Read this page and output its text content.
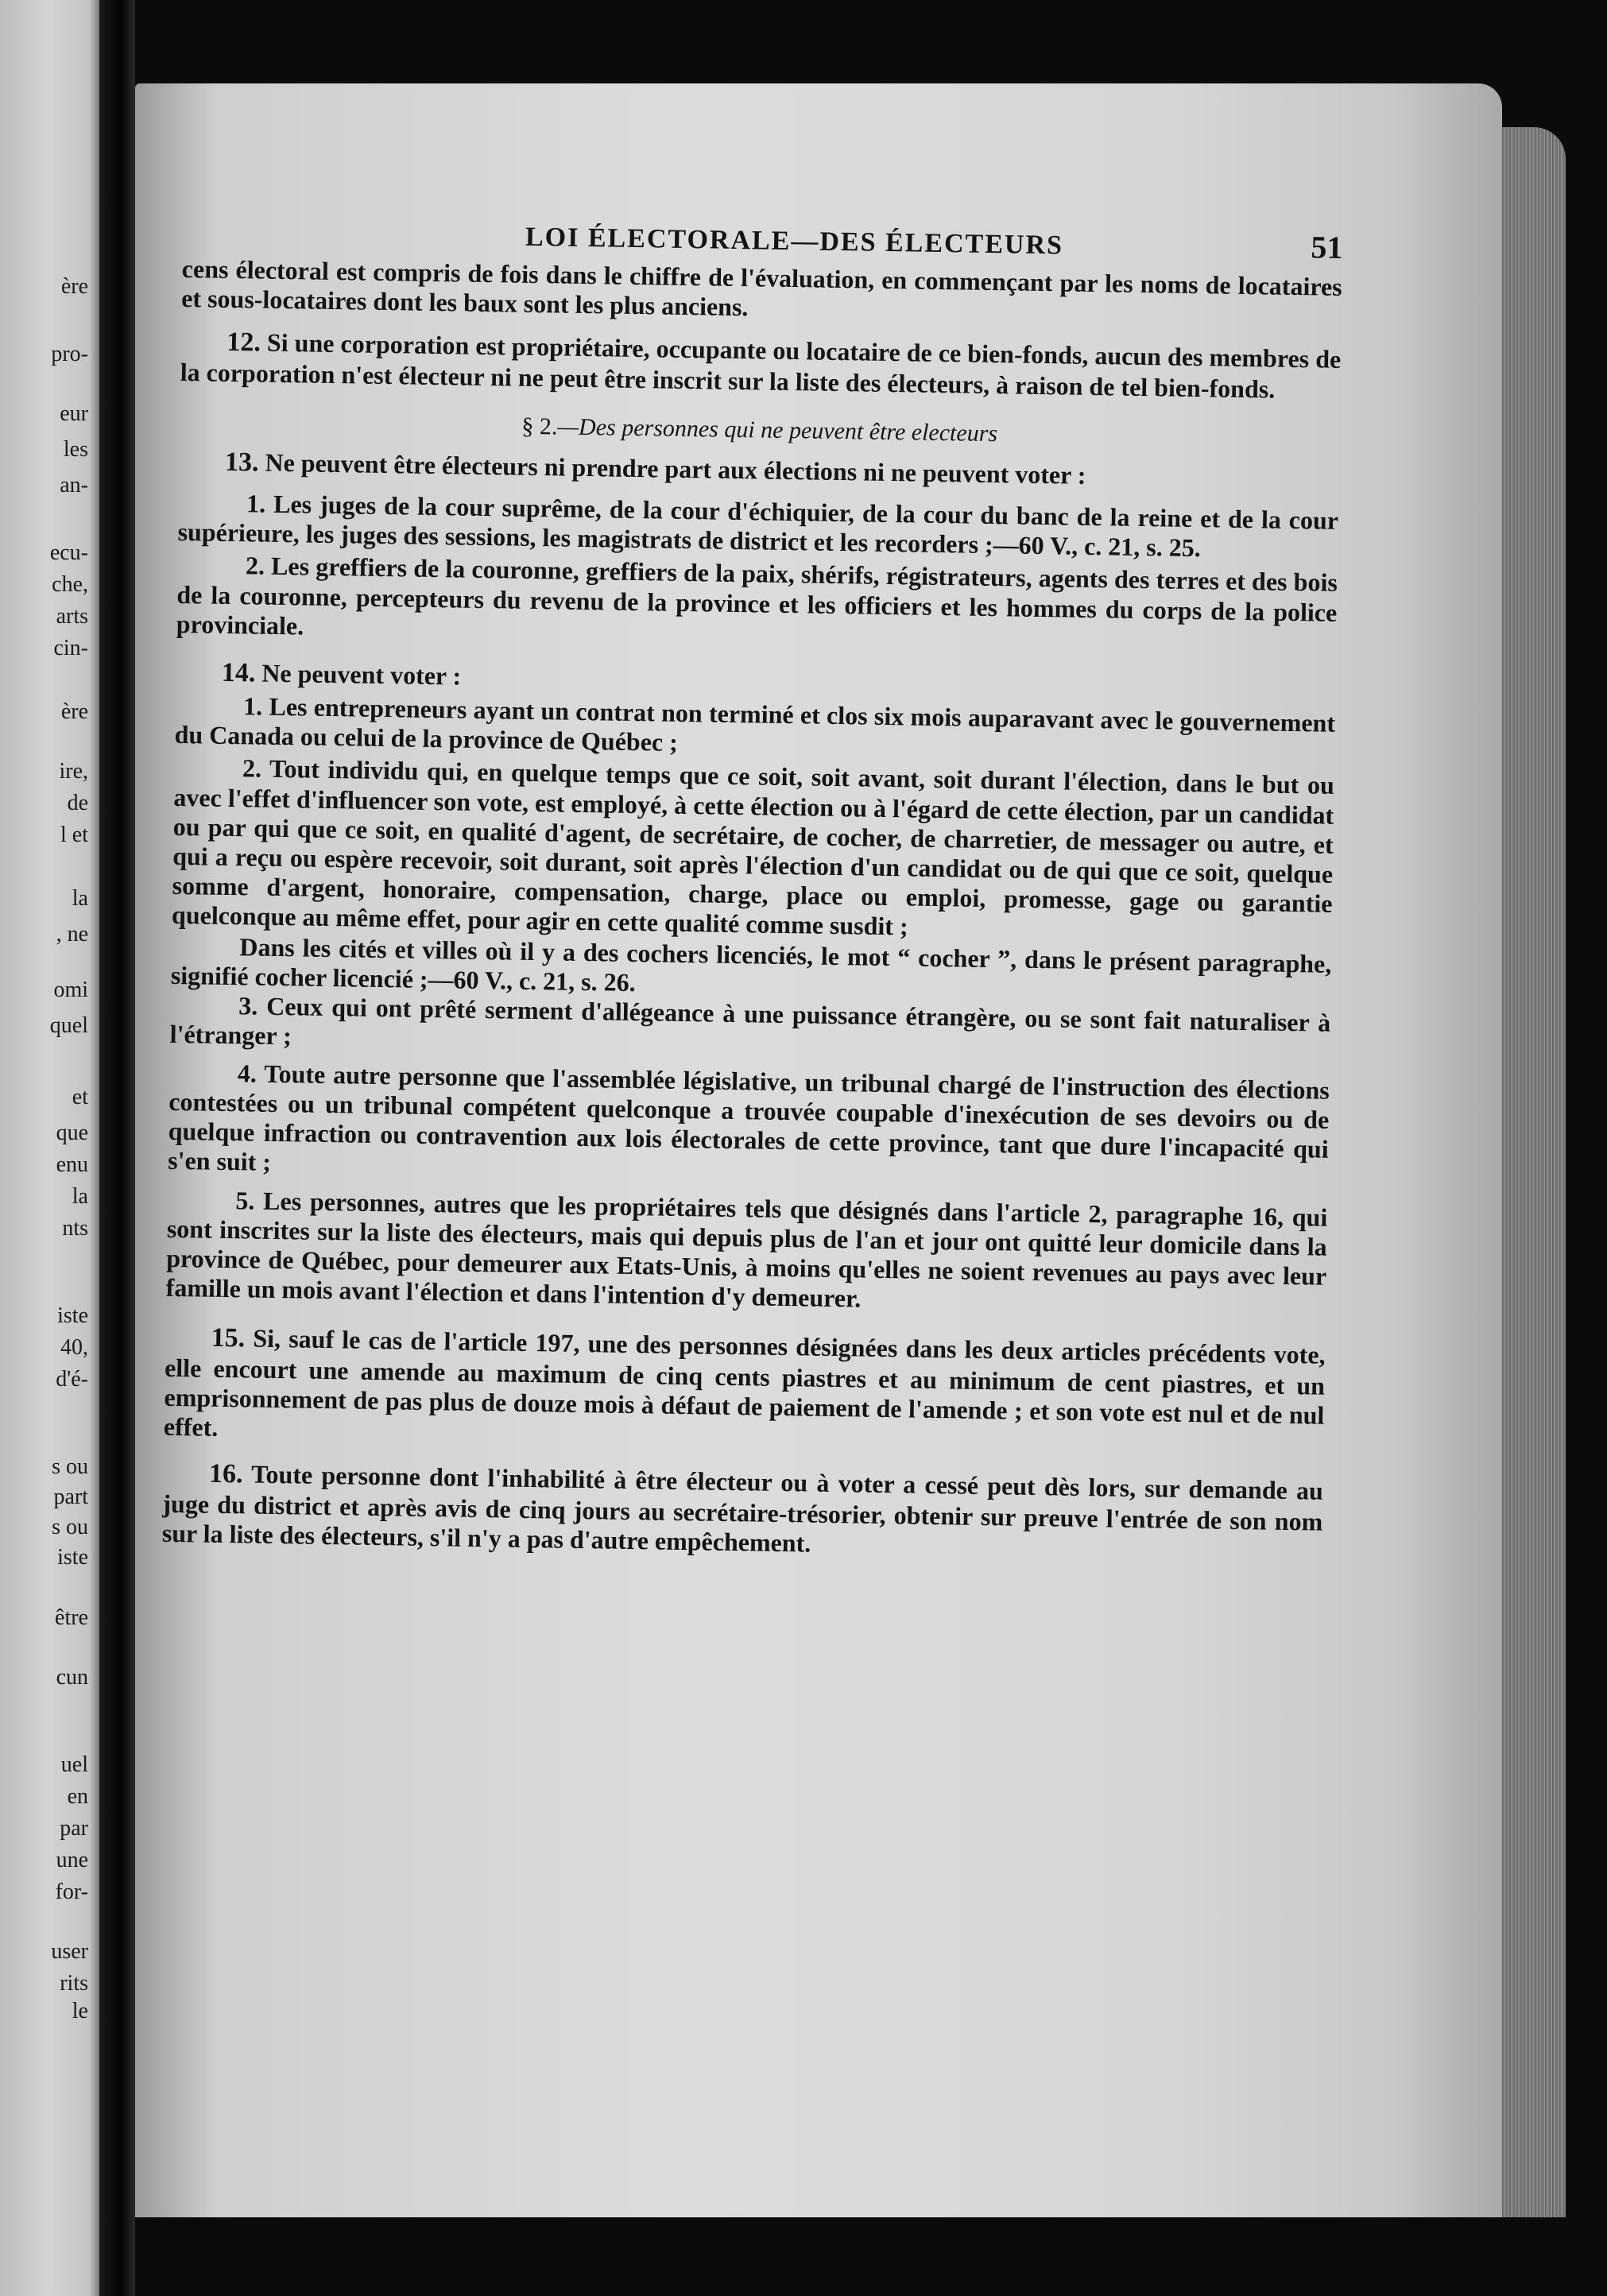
ère
pro-
eur
les
an-
ecu-
che,
arts
cin-
ère
ire,
de
l et
la
, ne
omi
quel
et
que
enu
la
nts
iste
40,
d'é-
s ou
part
s ou
iste
être
cun
uel
en
par
une
for-
user
rits
le
LOI ÉLECTORALE—DES ÉLECTEURS	51

cens électoral est compris de fois dans le chiffre de l'évaluation, en commençant par les noms de locataires et sous-locataires dont les baux sont les plus anciens.

12. Si une corporation est propriétaire, occupante ou locataire de ce bien-fonds, aucun des membres de la corporation n'est électeur ni ne peut être inscrit sur la liste des électeurs, à raison de tel bien-fonds.

§ 2.—Des personnes qui ne peuvent être electeurs

13. Ne peuvent être électeurs ni prendre part aux élections ni ne peuvent voter :

1. Les juges de la cour suprême, de la cour d'échiquier, de la cour du banc de la reine et de la cour supérieure, les juges des sessions, les magistrats de district et les recorders ;—60 V., c. 21, s. 25.

2. Les greffiers de la couronne, greffiers de la paix, shérifs, régistrateurs, agents des terres et des bois de la couronne, percepteurs du revenu de la province et les officiers et les hommes du corps de la police provinciale.

14. Ne peuvent voter :

1. Les entrepreneurs ayant un contrat non terminé et clos six mois auparavant avec le gouvernement du Canada ou celui de la province de Québec ;

2. Tout individu qui, en quelque temps que ce soit, soit avant, soit durant l'élection, dans le but ou avec l'effet d'influencer son vote, est employé, à cette élection ou à l'égard de cette élection, par un candidat ou par qui que ce soit, en qualité d'agent, de secrétaire, de cocher, de charretier, de messager ou autre, et qui a reçu ou espère recevoir, soit durant, soit après l'élection d'un candidat ou de qui que ce soit, quelque somme d'argent, honoraire, compensation, charge, place ou emploi, promesse, gage ou garantie quelconque au même effet, pour agir en cette qualité comme susdit ;

Dans les cités et villes où il y a des cochers licenciés, le mot “ cocher ”, dans le présent paragraphe, signifié cocher licencié ;—60 V., c. 21, s. 26.

3. Ceux qui ont prêté serment d'allégeance à une puissance étrangère, ou se sont fait naturaliser à l'étranger ;

4. Toute autre personne que l'assemblée législative, un tribunal chargé de l'instruction des élections contestées ou un tribunal compétent quelconque a trouvée coupable d'inexécution de ses devoirs ou de quelque infraction ou contravention aux lois électorales de cette province, tant que dure l'incapacité qui s'en suit ;

5. Les personnes, autres que les propriétaires tels que désignés dans l'article 2, paragraphe 16, qui sont inscrites sur la liste des électeurs, mais qui depuis plus de l'an et jour ont quitté leur domicile dans la province de Québec, pour demeurer aux Etats-Unis, à moins qu'elles ne soient revenues au pays avec leur famille un mois avant l'élection et dans l'intention d'y demeurer.

15. Si, sauf le cas de l'article 197, une des personnes désignées dans les deux articles précédents vote, elle encourt une amende au maximum de cinq cents piastres et au minimum de cent piastres, et un emprisonnement de pas plus de douze mois à défaut de paiement de l'amende ; et son vote est nul et de nul effet.

16. Toute personne dont l'inhabilité à être électeur ou à voter a cessé peut dès lors, sur demande au juge du district et après avis de cinq jours au secrétaire-trésorier, obtenir sur preuve l'entrée de son nom sur la liste des électeurs, s'il n'y a pas d'autre empêchement.
